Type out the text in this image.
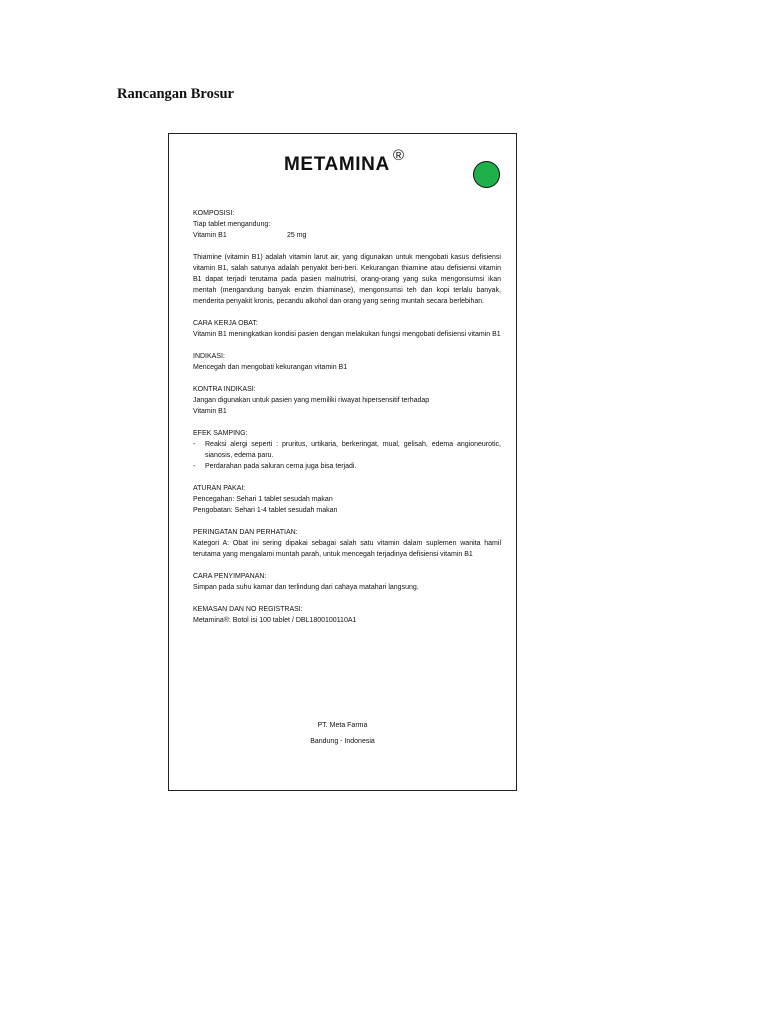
Rancangan Brosur
METAMINA ®
KOMPOSISI:
Tiap tablet mengandung:
Vitamin B1	25 mg
Thiamine (vitamin B1) adalah vitamin larut air, yang digunakan untuk mengobati kasus defisiensi vitamin B1, salah satunya adalah penyakit beri-beri. Kekurangan thiamine atau defisiensi vitamin B1 dapat terjadi terutama pada pasien malnutrisi, orang-orang yang suka mengonsumsi ikan mentah (mengandung banyak enzim thiaminase), mengonsumsi teh dan kopi terlalu banyak, menderita penyakit kronis, pecandu alkohol dan orang yang sering muntah secara berlebihan.
CARA KERJA OBAT:
Vitamin B1 meningkatkan kondisi pasien dengan melakukan fungsi mengobati defisiensi vitamin B1
INDIKASI:
Mencegah dan mengobati kekurangan vitamin B1
KONTRA INDIKASI:
Jangan digunakan untuk pasien yang memiliki riwayat hipersensitif terhadap
Vitamin B1
EFEK SAMPING:
-	Reaksi alergi seperti : pruritus, urtikaria, berkeringat, mual, gelisah, edema angioneurotic, sianosis, edema paru.
-	Perdarahan pada saluran cerna juga bisa terjadi.
ATURAN PAKAI:
Pencegahan: Sehari 1 tablet sesudah makan
Pengobatan: Sehari 1-4 tablet sesudah makan
PERINGATAN DAN PERHATIAN:
Kategori A: Obat ini sering dipakai sebagai salah satu vitamin dalam suplemen wanita hamil terutama yang mengalami muntah parah, untuk mencegah terjadinya defisiensi vitamin B1
CARA PENYIMPANAN:
Simpan pada suhu kamar dan terlindung dari cahaya matahari langsung.
KEMASAN DAN NO REGISTRASI:
Metamina®: Botol isi 100 tablet / DBL1800100110A1
PT. Meta Farma
Bandung - Indonesia
